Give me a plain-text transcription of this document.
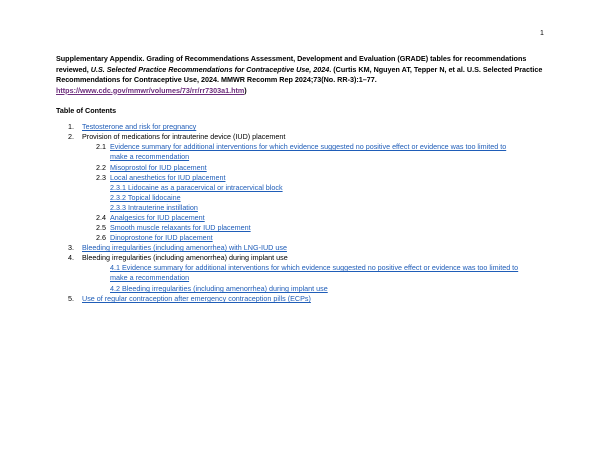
1
Supplementary Appendix. Grading of Recommendations Assessment, Development and Evaluation (GRADE) tables for recommendations
reviewed, U.S. Selected Practice Recommendations for Contraceptive Use, 2024. (Curtis KM, Nguyen AT, Tepper N, et al. U.S. Selected Practice
Recommendations for Contraceptive Use, 2024. MMWR Recomm Rep 2024;73(No. RR-3):1–77.
https://www.cdc.gov/mmwr/volumes/73/rr/rr7303a1.htm)
Table of Contents
1. Testosterone and risk for pregnancy
2. Provision of medications for intrauterine device (IUD) placement
2.1 Evidence summary for additional interventions for which evidence suggested no positive effect or evidence was too limited to
make a recommendation
2.2 Misoprostol for IUD placement
2.3 Local anesthetics for IUD placement
2.3.1 Lidocaine as a paracervical or intracervical block
2.3.2 Topical lidocaine
2.3.3 Intrauterine instillation
2.4 Analgesics for IUD placement
2.5 Smooth muscle relaxants for IUD placement
2.6 Dinoprostone for IUD placement
3. Bleeding irregularities (including amenorrhea) with LNG-IUD use
4. Bleeding irregularities (including amenorrhea) during implant use
4.1 Evidence summary for additional interventions for which evidence suggested no positive effect or evidence was too limited to
make a recommendation
4.2 Bleeding irregularities (including amenorrhea) during implant use
5. Use of regular contraception after emergency contraception pills (ECPs)
